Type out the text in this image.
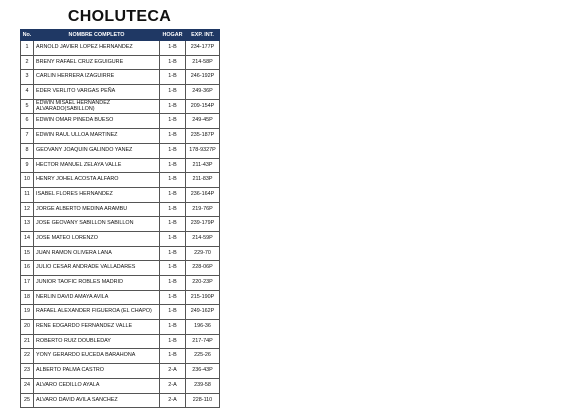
CHOLUTECA
No.	NOMBRE COMPLETO	HOGAR	EXP. INT.
1	ARNOLD JAVIER LOPEZ HERNANDEZ	1-B	234-177P
2	BRENY RAFAEL CRUZ EGUIGURE	1-B	214-58P
3	CARLIN HERRERA IZAGUIRRE	1-B	246-192P
4	EDER VERLITO VARGAS PEÑA	1-B	249-36P
5	EDWIN MISAEL HERNANDEZ ALVARADO(SABILLON)	1-B	209-154P
6	EDWIN OMAR PINEDA BUESO	1-B	249-45P
7	EDWIN RAUL ULLOA MARTINEZ	1-B	235-187P
8	GEOVANY JOAQUIN GALINDO YANEZ	1-B	178-9327P
9	HECTOR MANUEL ZELAYA VALLE	1-B	211-43P
10	HENRY JOHEL ACOSTA ALFARO	1-B	211-83P
11	ISABEL FLORES HERNANDEZ	1-B	236-164P
12	JORGE ALBERTO MEDINA ARAMBU	1-B	219-76P
13	JOSE GEOVANY SABILLON SABILLON	1-B	239-179P
14	JOSE MATEO LORENZO	1-B	214-59P
15	JUAN RAMON OLIVERA LANA	1-B	229-70
16	JULIO CESAR ANDRADE VALLADARES	1-B	228-06P
17	JUNIOR TAOFIC ROBLES MADRID	1-B	220-23P
18	NERLIN DAVID AMAYA AVILA	1-B	215-190P
19	RAFAEL ALEXANDER FIGUEROA (EL CHAPO)	1-B	249-162P
20	RENE EDGARDO FERNANDEZ VALLE	1-B	196-36
21	ROBERTO RUIZ DOUBLEDAY	1-B	217-74P
22	YONY GERARDO EUCEDA BARAHONA	1-B	225-26
23	ALBERTO PALMA CASTRO	2-A	236-43P
24	ALVARO CEDILLO AYALA	2-A	239-58
25	ALVARO DAVID AVILA SANCHEZ	2-A	228-110
